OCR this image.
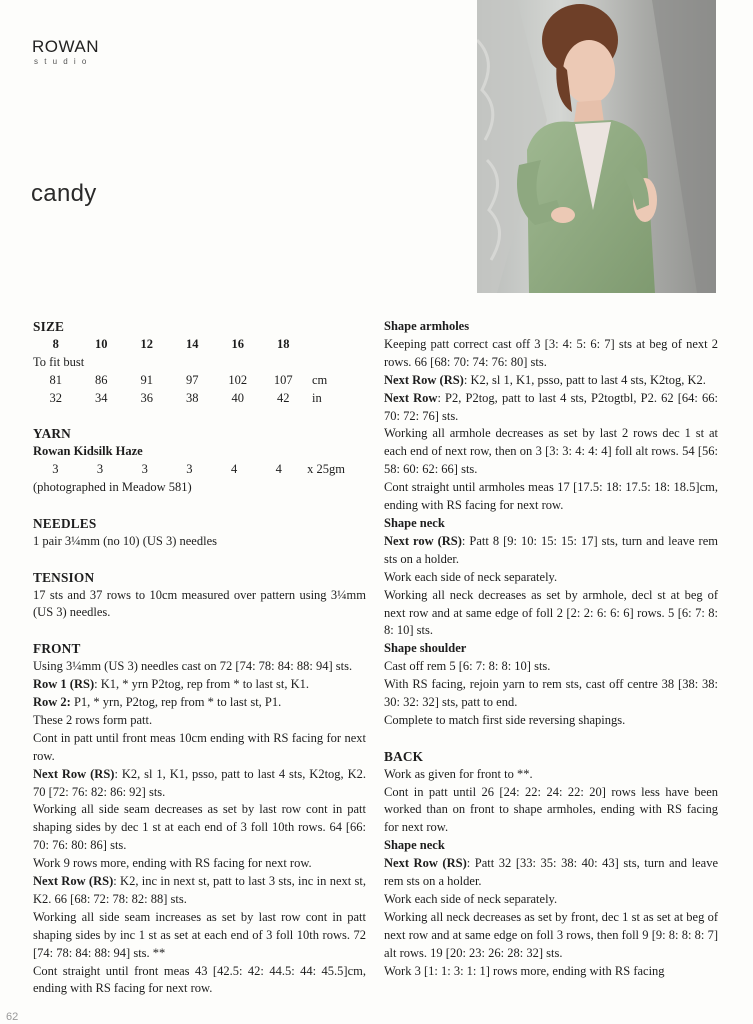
ROWAN
studio
candy
SIZE
8	10	12	14	16	18
To fit bust
81	86	91	97	102	107	cm
32	34	36	38	40	42	in
YARN
Rowan Kidsilk Haze
3	3	3	3	4	4	x 25gm
(photographed in Meadow 581)
NEEDLES
1 pair 3¼mm (no 10) (US 3) needles
TENSION
17 sts and 37 rows to 10cm measured over pattern using 3¼mm (US 3) needles.
FRONT
Using 3¼mm (US 3) needles cast on 72 [74: 78: 84: 88: 94] sts.
Row 1 (RS): K1, * yrn P2tog, rep from * to last st, K1.
Row 2: P1, * yrn, P2tog, rep from * to last st, P1.
These 2 rows form patt.
Cont in patt until front meas 10cm ending with RS facing for next row.
Next Row (RS): K2, sl 1, K1, psso, patt to last 4 sts, K2tog, K2. 70 [72: 76: 82: 86: 92] sts.
Working all side seam decreases as set by last row cont in patt shaping sides by dec 1 st at each end of 3 foll 10th rows. 64 [66: 70: 76: 80: 86] sts.
Work 9 rows more, ending with RS facing for next row.
Next Row (RS): K2, inc in next st, patt to last 3 sts, inc in next st, K2. 66 [68: 72: 78: 82: 88] sts.
Working all side seam increases as set by last row cont in patt shaping sides by inc 1 st as set at each end of 3 foll 10th rows. 72 [74: 78: 84: 88: 94] sts. **
Cont straight until front meas 43 [42.5: 42: 44.5: 44: 45.5]cm, ending with RS facing for next row.
Shape armholes
Keeping patt correct cast off 3 [3: 4: 5: 6: 7] sts at beg of next 2 rows. 66 [68: 70: 74: 76: 80] sts.
Next Row (RS): K2, sl 1, K1, psso, patt to last 4 sts, K2tog, K2.
Next Row: P2, P2tog, patt to last 4 sts, P2togtbl, P2. 62 [64: 66: 70: 72: 76] sts.
Working all armhole decreases as set by last 2 rows dec 1 st at each end of next row, then on 3 [3: 3: 4: 4: 4] foll alt rows. 54 [56: 58: 60: 62: 66] sts.
Cont straight until armholes meas 17 [17.5: 18: 17.5: 18: 18.5]cm, ending with RS facing for next row.
Shape neck
Next row (RS): Patt 8 [9: 10: 15: 15: 17] sts, turn and leave rem sts on a holder.
Work each side of neck separately.
Working all neck decreases as set by armhole, decl st at beg of next row and at same edge of foll 2 [2: 2: 6: 6: 6] rows. 5 [6: 7: 8: 8: 10] sts.
Shape shoulder
Cast off rem 5 [6: 7: 8: 8: 10] sts.
With RS facing, rejoin yarn to rem sts, cast off centre 38 [38: 38: 30: 32: 32] sts, patt to end.
Complete to match first side reversing shapings.
BACK
Work as given for front to **.
Cont in patt until 26 [24: 22: 24: 22: 20] rows less have been worked than on front to shape armholes, ending with RS facing for next row.
Shape neck
Next Row (RS): Patt 32 [33: 35: 38: 40: 43] sts, turn and leave rem sts on a holder.
Work each side of neck separately.
Working all neck decreases as set by front, dec 1 st as set at beg of next row and at same edge on foll 3 rows, then foll 9 [9: 8: 8: 8: 7] alt rows. 19 [20: 23: 26: 28: 32] sts.
Work 3 [1: 1: 3: 1: 1] rows more, ending with RS facing
62
